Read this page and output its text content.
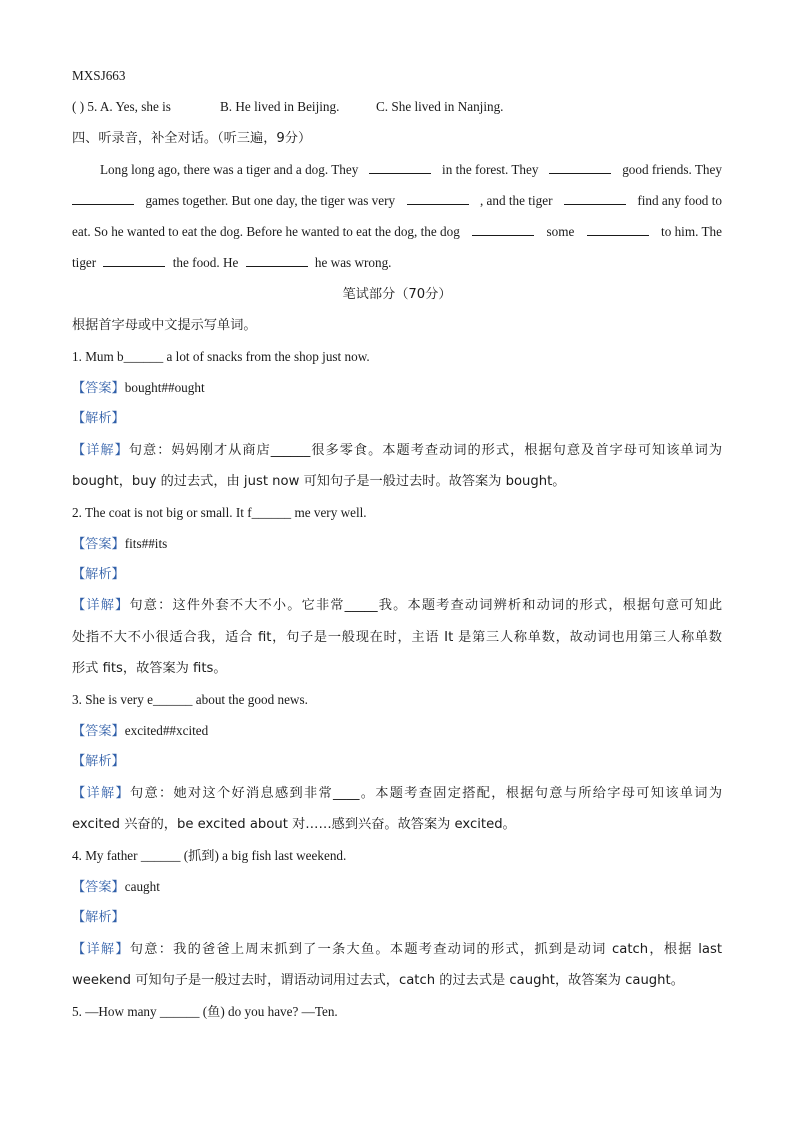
MXSJ663
( ) 5. A. Yes, she is	B. He lived in Beijing.	C. She lived in Nanjing.
四、听录音，补全对话。（听三遍，9分）
Long long ago, there was a tiger and a dog. They	in the forest. They	good friends. They
games together. But one day, the tiger was very	, and the tiger	find any food to
eat. So he wanted to eat the dog. Before he wanted to eat the dog, the dog	some	to him. The
tiger	the food. He	he was wrong.
笔试部分（70分）
根据首字母或中文提示写单词。
1. Mum b______ a lot of snacks from the shop just now.
【答案】bought##ought
【解析】
【详解】句意：妈妈刚才从商店______很多零食。本题考查动词的形式，根据句意及首字母可知该单词为
bought，buy 的过去式，由 just now 可知句子是一般过去时。故答案为 bought。
2. The coat is not big or small. It f______ me very well.
【答案】fits##its
【解析】
【详解】句意：这件外套不大不小。它非常_____我。本题考查动词辨析和动词的形式，根据句意可知此
处指不大不小很适合我，适合 fit，句子是一般现在时，主语 It 是第三人称单数，故动词也用第三人称单数
形式 fits，故答案为 fits。
3. She is very e______ about the good news.
【答案】excited##xcited
【解析】
【详解】句意：她对这个好消息感到非常____。本题考查固定搭配，根据句意与所给字母可知该单词为
excited 兴奋的，be excited about 对……感到兴奋。故答案为 excited。
4. My father ______ (抓到) a big fish last weekend.
【答案】caught
【解析】
【详解】句意：我的爸爸上周末抓到了一条大鱼。本题考查动词的形式，抓到是动词 catch，根据 last
weekend 可知句子是一般过去时，谓语动词用过去式，catch 的过去式是 caught，故答案为 caught。
5. —How many ______ (鱼) do you have? —Ten.
